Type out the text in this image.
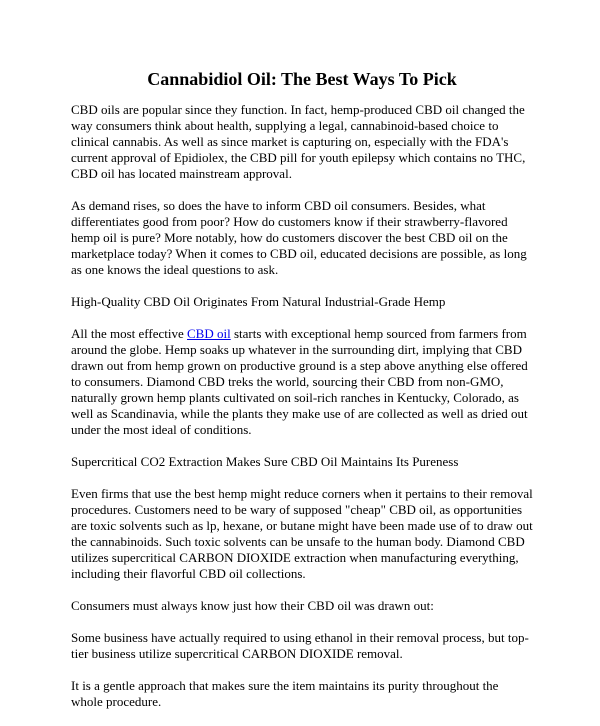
Cannabidiol Oil: The Best Ways To Pick
CBD oils are popular since they function. In fact, hemp-produced CBD oil changed the way consumers think about health, supplying a legal, cannabinoid-based choice to clinical cannabis. As well as since market is capturing on, especially with the FDA's current approval of Epidiolex, the CBD pill for youth epilepsy which contains no THC, CBD oil has located mainstream approval.
As demand rises, so does the have to inform CBD oil consumers. Besides, what differentiates good from poor? How do customers know if their strawberry-flavored hemp oil is pure? More notably, how do customers discover the best CBD oil on the marketplace today? When it comes to CBD oil, educated decisions are possible, as long as one knows the ideal questions to ask.
High-Quality CBD Oil Originates From Natural Industrial-Grade Hemp
All the most effective CBD oil starts with exceptional hemp sourced from farmers from around the globe. Hemp soaks up whatever in the surrounding dirt, implying that CBD drawn out from hemp grown on productive ground is a step above anything else offered to consumers. Diamond CBD treks the world, sourcing their CBD from non-GMO, naturally grown hemp plants cultivated on soil-rich ranches in Kentucky, Colorado, as well as Scandinavia, while the plants they make use of are collected as well as dried out under the most ideal of conditions.
Supercritical CO2 Extraction Makes Sure CBD Oil Maintains Its Pureness
Even firms that use the best hemp might reduce corners when it pertains to their removal procedures. Customers need to be wary of supposed "cheap" CBD oil, as opportunities are toxic solvents such as lp, hexane, or butane might have been made use of to draw out the cannabinoids. Such toxic solvents can be unsafe to the human body. Diamond CBD utilizes supercritical CARBON DIOXIDE extraction when manufacturing everything, including their flavorful CBD oil collections.
Consumers must always know just how their CBD oil was drawn out:
Some business have actually required to using ethanol in their removal process, but top-tier business utilize supercritical CARBON DIOXIDE removal.
It is a gentle approach that makes sure the item maintains its purity throughout the whole procedure.
